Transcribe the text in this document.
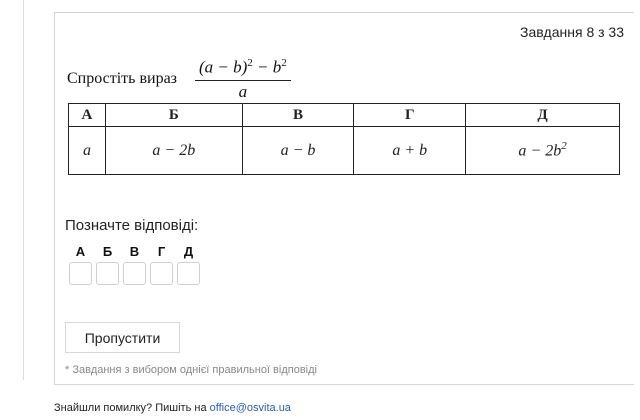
Завдання 8 з 33
Спростіть вираз $\frac{(a - b)^2 - b^2}{a}$
А	Б	В	Г	Д
a	a − 2b	a − b	a + b	$a - 2b^2$
Позначте відповіді:
А Б В Г Д
Пропустити
* Завдання з вибором однієї правильної відповіді
Знайшли помилку? Пишіть на office@osvita.ua
